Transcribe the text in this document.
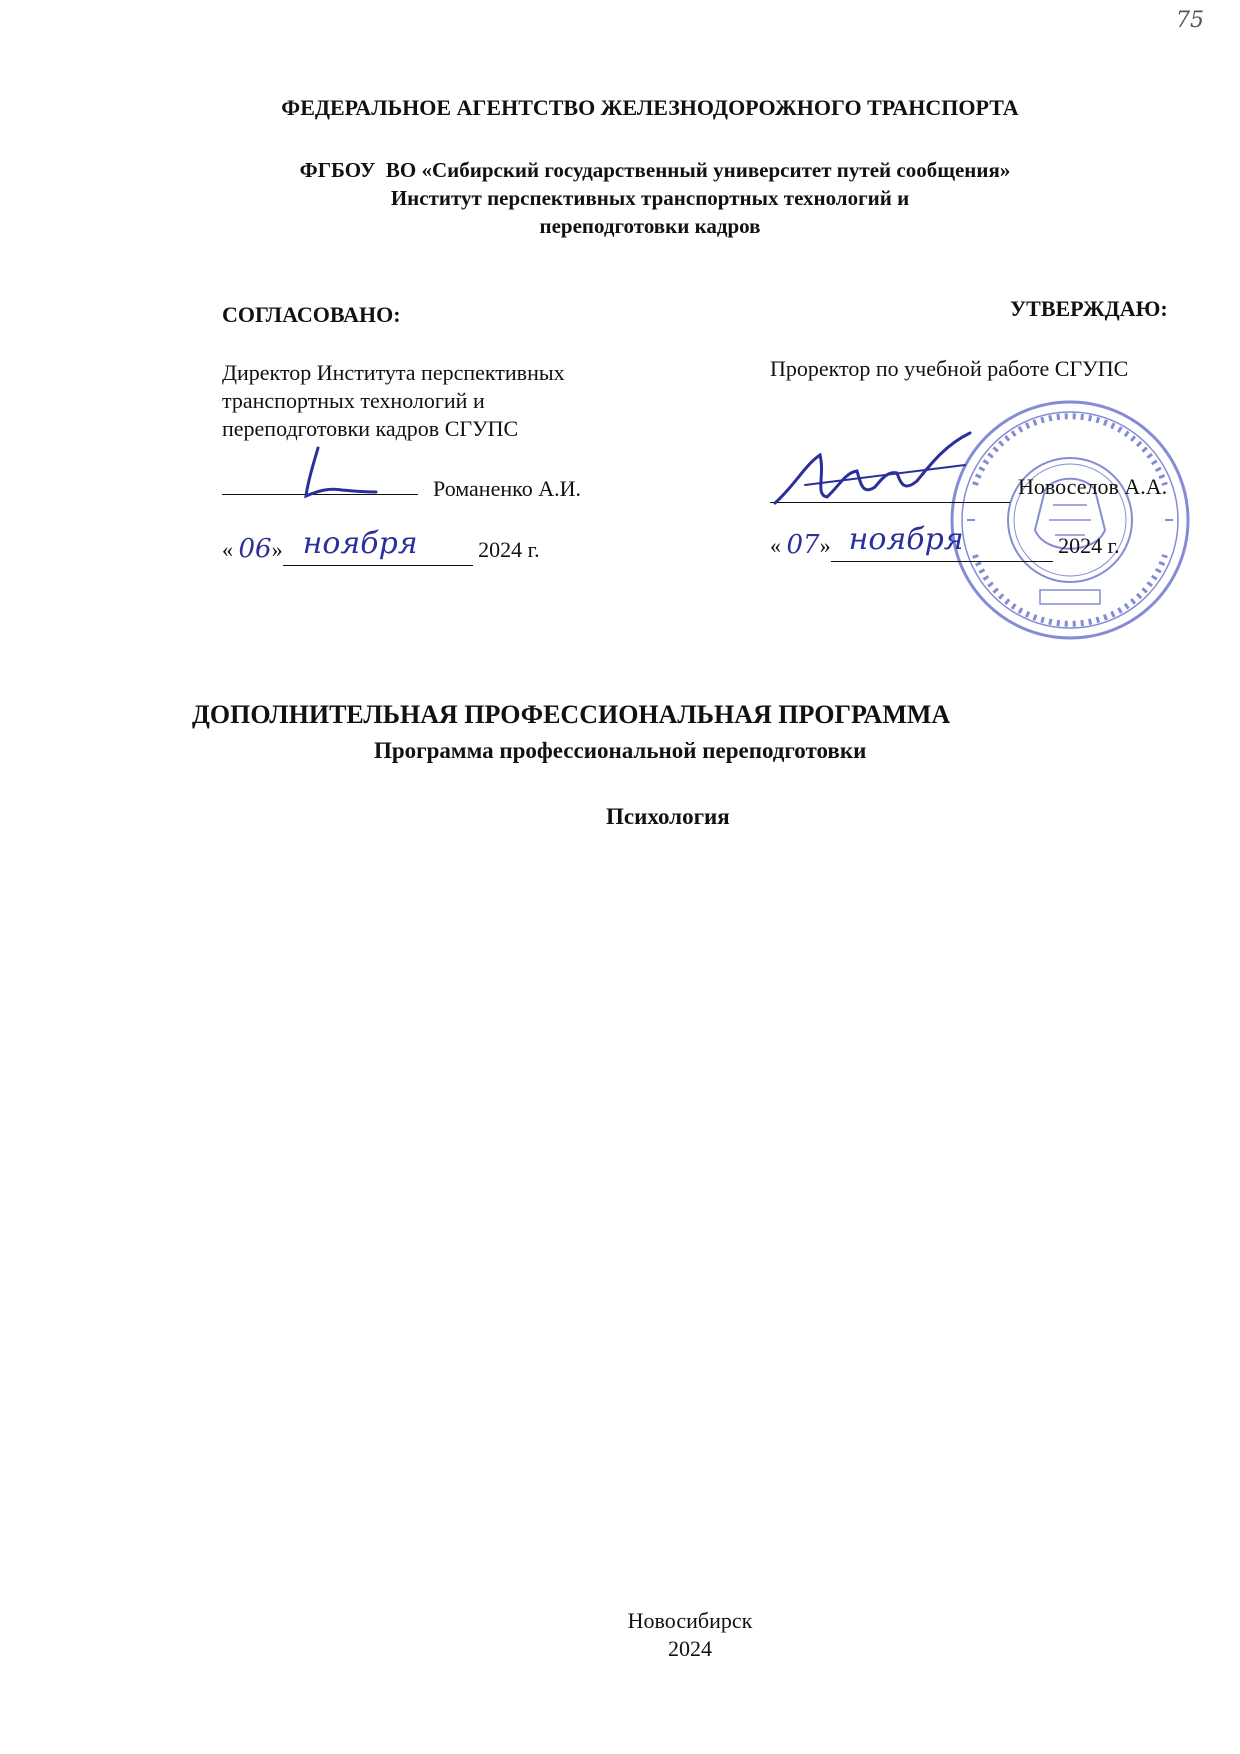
75
ФЕДЕРАЛЬНОЕ АГЕНТСТВО ЖЕЛЕЗНОДОРОЖНОГО ТРАНСПОРТА
ФГБОУ  ВО «Сибирский государственный университет путей сообщения»
Институт перспективных транспортных технологий и
переподготовки кадров
СОГЛАСОВАНО:
Директор Института перспективных
транспортных технологий и
переподготовки кадров СГУПС
Романенко А.И.
« 06» ноября	2024 г.
УТВЕРЖДАЮ:
Проректор по учебной работе СГУПС
Новоселов А.А.
« 07» ноября	2024 г.
ДОПОЛНИТЕЛЬНАЯ ПРОФЕССИОНАЛЬНАЯ ПРОГРАММА
Программа профессиональной переподготовки
Психология
Новосибирск
2024
